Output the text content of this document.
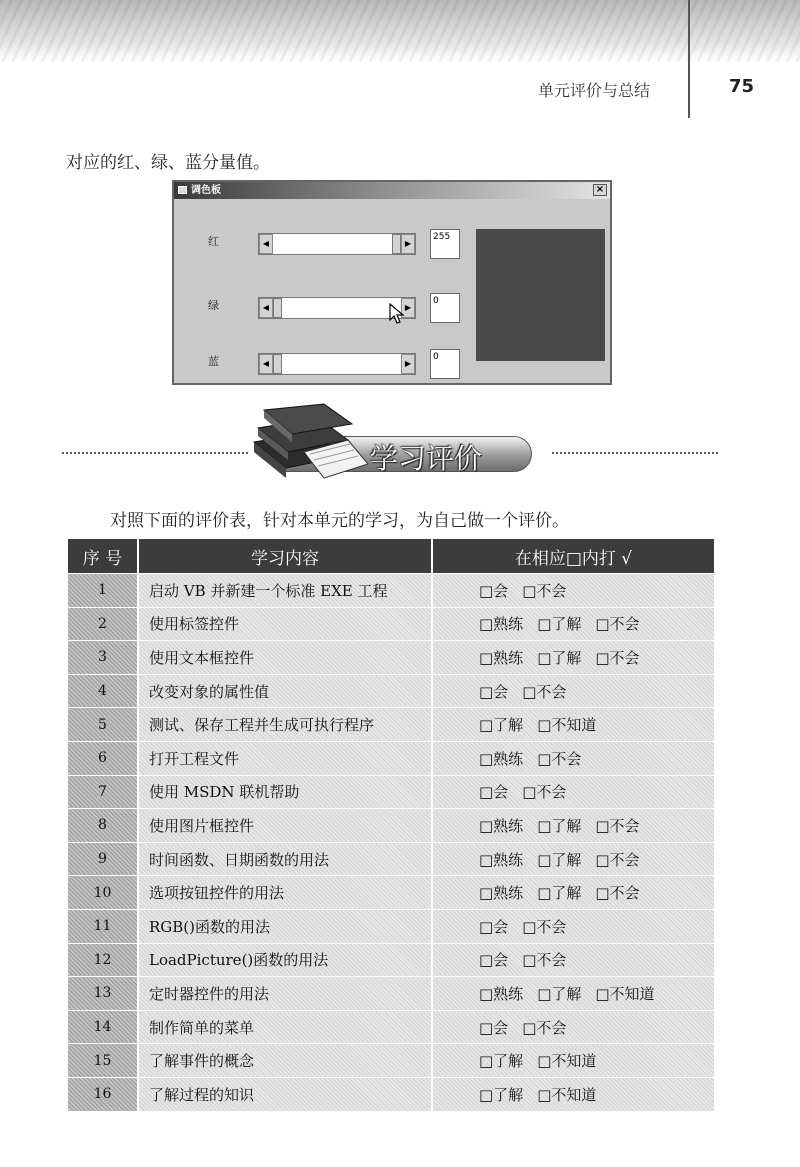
单元评价与总结	75
对应的红、绿、蓝分量值。
调色板	×
红	◀	▶
255
绿	◀	▶
0
蓝	◀	▶
0
学习评价
对照下面的评价表，针对本单元的学习，为自己做一个评价。
序 号	学习内容	在相应□内打 √
1	启动 VB 并新建一个标准 EXE 工程	□会 □不会

2	使用标签控件	□熟练 □了解 □不会

3	使用文本框控件	□熟练 □了解 □不会

4	改变对象的属性值	□会 □不会

5	测试、保存工程并生成可执行程序	□了解 □不知道

6	打开工程文件	□熟练 □不会

7	使用 MSDN 联机帮助	□会 □不会

8	使用图片框控件	□熟练 □了解 □不会

9	时间函数、日期函数的用法	□熟练 □了解 □不会

10	选项按钮控件的用法	□熟练 □了解 □不会

11	RGB()函数的用法	□会 □不会

12	LoadPicture()函数的用法	□会 □不会

13	定时器控件的用法	□熟练 □了解 □不知道

14	制作简单的菜单	□会 □不会

15	了解事件的概念	□了解 □不知道

16	了解过程的知识	□了解 □不知道
